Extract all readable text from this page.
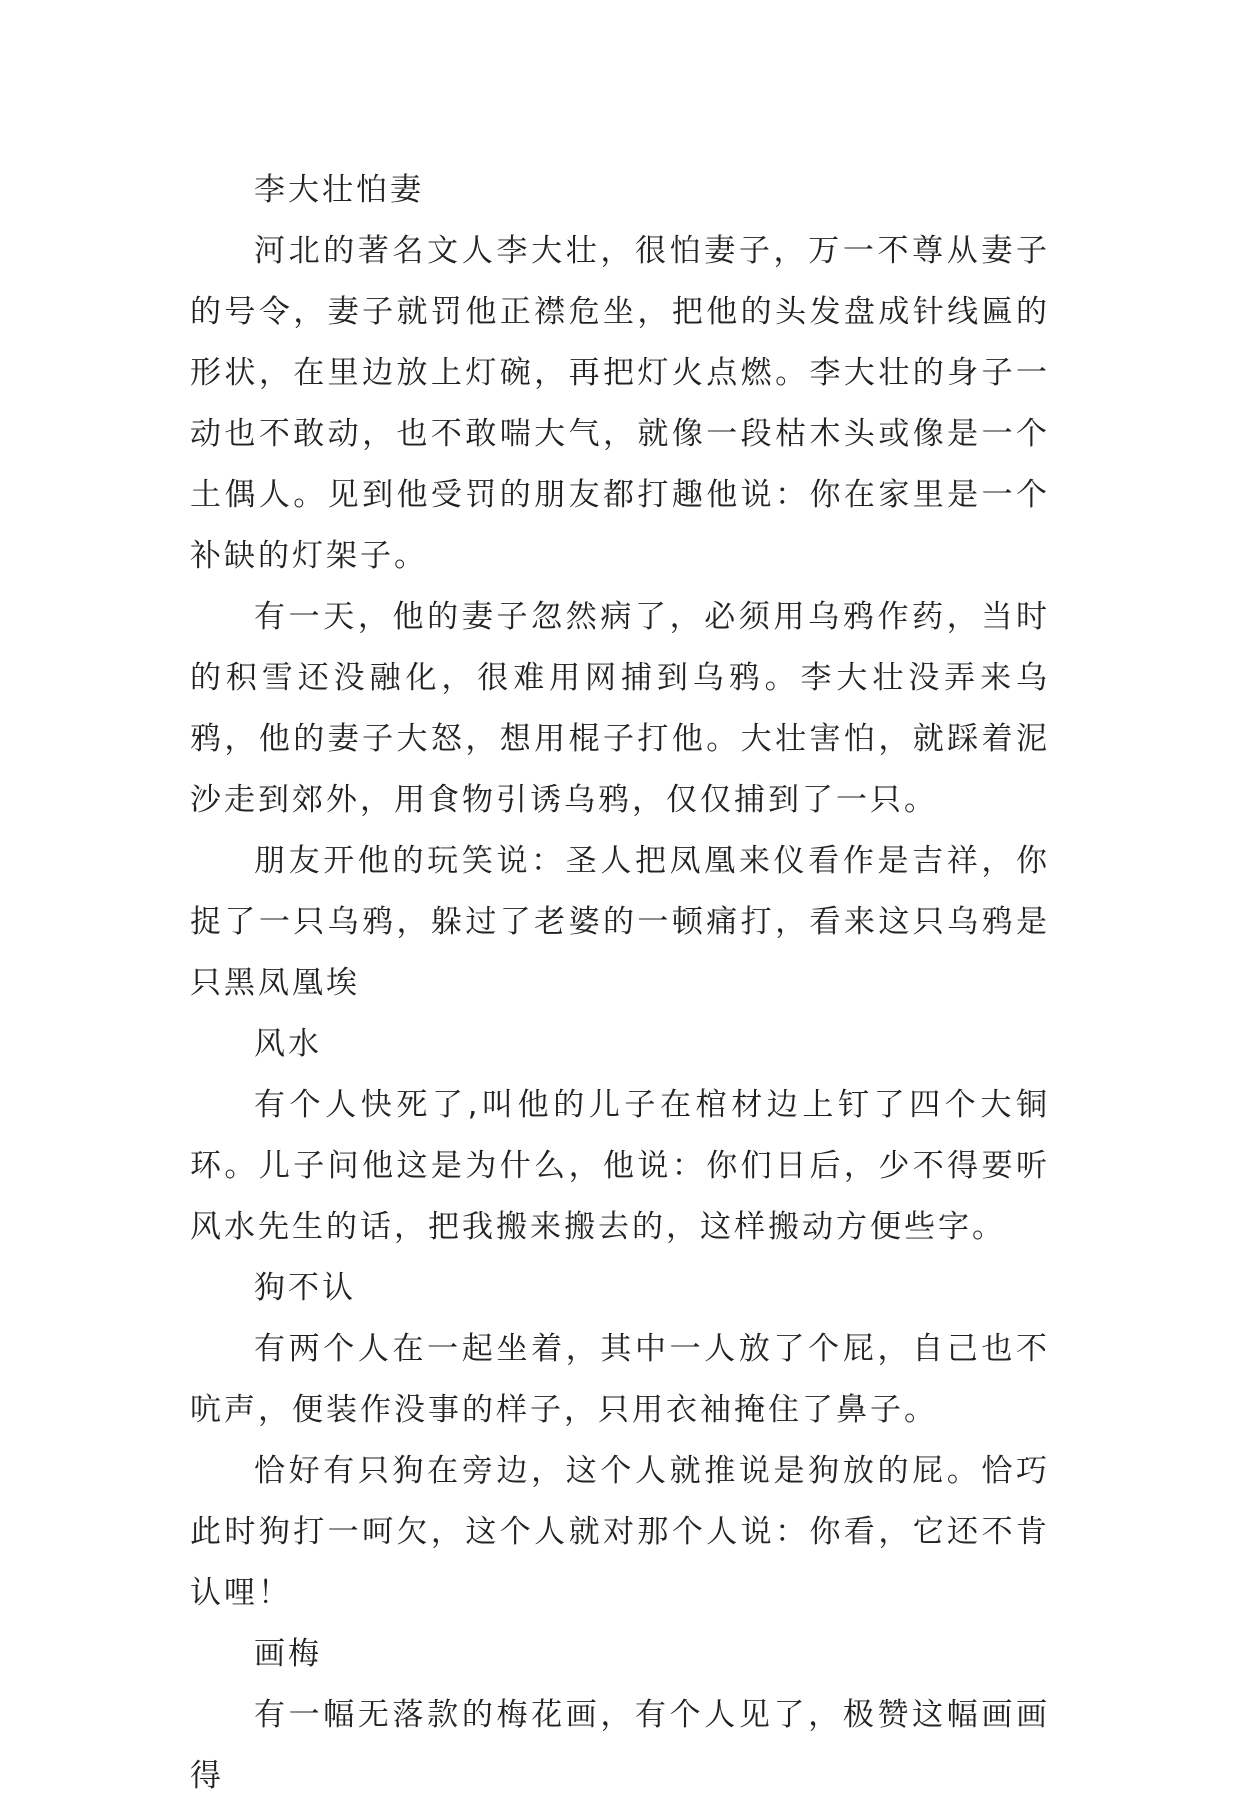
李大壮怕妻

河北的著名文人李大壮，很怕妻子，万一不尊从妻子的号令，妻子就罚他正襟危坐，把他的头发盘成针线匾的形状，在里边放上灯碗，再把灯火点燃。李大壮的身子一动也不敢动，也不敢喘大气，就像一段枯木头或像是一个土偶人。见到他受罚的朋友都打趣他说：你在家里是一个补缺的灯架子。

有一天，他的妻子忽然病了，必须用乌鸦作药，当时的积雪还没融化，很难用网捕到乌鸦。李大壮没弄来乌鸦，他的妻子大怒，想用棍子打他。大壮害怕，就踩着泥沙走到郊外，用食物引诱乌鸦，仅仅捕到了一只。

朋友开他的玩笑说：圣人把凤凰来仪看作是吉祥，你捉了一只乌鸦，躲过了老婆的一顿痛打，看来这只乌鸦是只黑凤凰埃

风水

有个人快死了,叫他的儿子在棺材边上钉了四个大铜环。儿子问他这是为什么，他说：你们日后，少不得要听风水先生的话，把我搬来搬去的，这样搬动方便些字。

狗不认

有两个人在一起坐着，其中一人放了个屁，自己也不吭声，便装作没事的样子，只用衣袖掩住了鼻子。

恰好有只狗在旁边，这个人就推说是狗放的屁。恰巧此时狗打一呵欠，这个人就对那个人说：你看，它还不肯认哩！

画梅

有一幅无落款的梅花画，有个人见了，极赞这幅画画得
